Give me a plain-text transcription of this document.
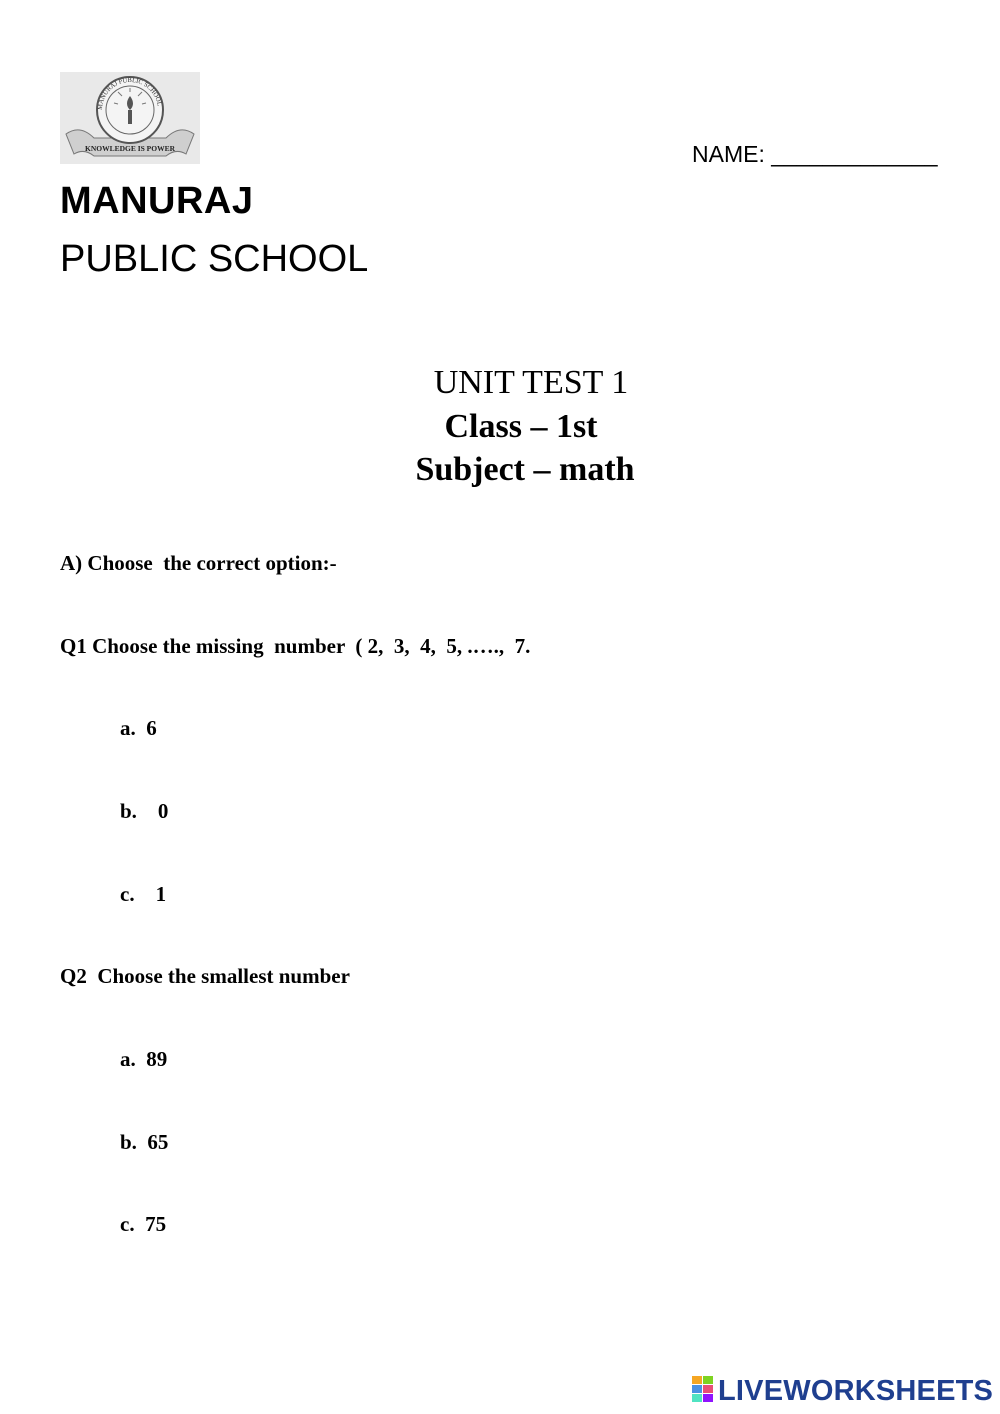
KNOWLEDGE IS POWER
MANURAJ PUBLIC SCHOOL
NAME: _____________
MANURAJ
PUBLIC SCHOOL
UNIT TEST 1
Class – 1st
Subject – math
A) Choose  the correct option:-
Q1 Choose the missing  number  ( 2,  3,  4,  5, .….,  7.
a.  6
b.    0
c.    1
Q2  Choose the smallest number
a.  89
b.  65
c.  75
LIVEWORKSHEETS
